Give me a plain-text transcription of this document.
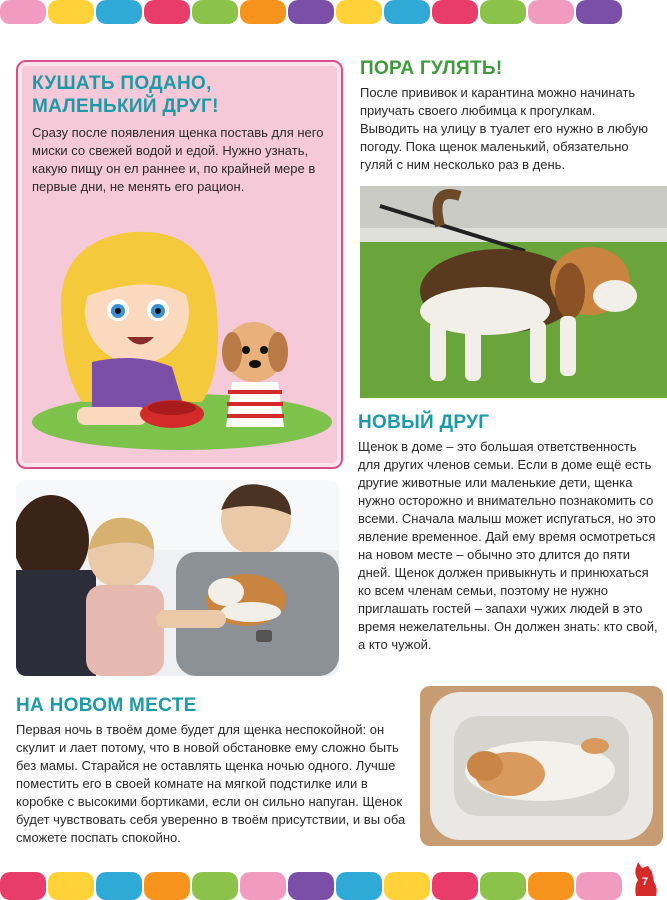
КУШАТЬ ПОДАНО, МАЛЕНЬКИЙ ДРУГ!

Сразу после появления щенка поставь для него миски со свежей водой и едой. Нужно узнать, какую пищу он ел раннее и, по крайней мере в первые дни, не менять его рацион.

ПОРА ГУЛЯТЬ!

После прививок и карантина можно начинать приучать своего любимца к прогулкам. Выводить на улицу в туалет его нужно в любую погоду. Пока щенок маленький, обязательно гуляй с ним несколько раз в день.

НОВЫЙ ДРУГ

Щенок в доме – это большая ответственность для других членов семьи. Если в доме ещё есть другие животные или маленькие дети, щенка нужно осторожно и внимательно познакомить со всеми. Сначала малыш может испугаться, но это явление временное. Дай ему время осмотреться на новом месте – обычно это длится до пяти дней. Щенок должен привыкнуть и принюхаться ко всем членам семьи, поэтому не нужно приглашать гостей – запахи чужих людей в это время нежелательны. Он должен знать: кто свой, а кто чужой.

НА НОВОМ МЕСТЕ

Первая ночь в твоём доме будет для щенка неспокойной: он скулит и лает потому, что в новой обстановке ему сложно быть без мамы. Старайся не оставлять щенка ночью одного. Лучше поместить его в своей комнате на мягкой подстилке или в коробке с высокими бортиками, если он сильно напуган. Щенок будет чувствовать себя уверенно в твоём присутствии, и вы оба сможете поспать спокойно.

7
